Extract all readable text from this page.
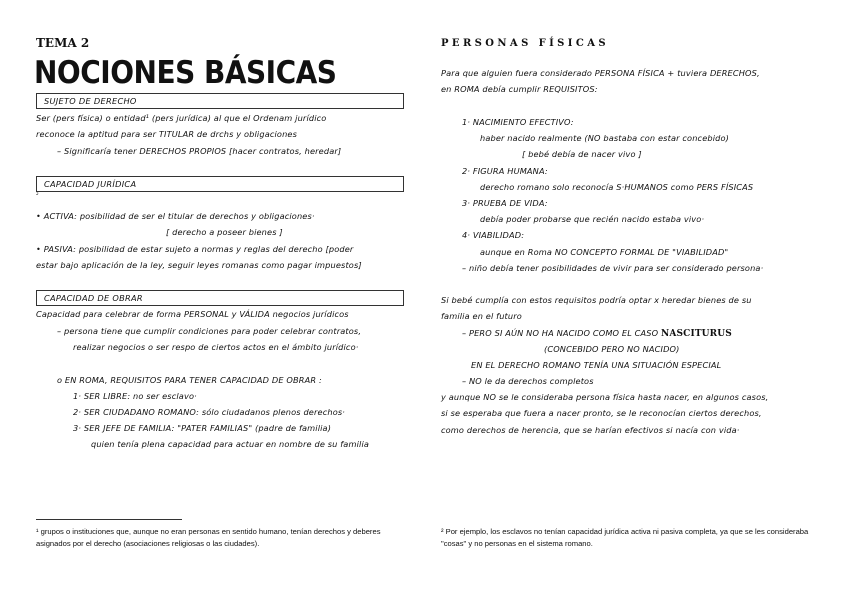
TEMA 2
NOCIONES BÁSICAS
SUJETO DE DERECHO
Ser (pers física) o entidad¹ (pers jurídica) al que el Ordenam jurídico
reconoce la aptitud para ser TITULAR de drchs y obligaciones
– Significaría tener DERECHOS PROPIOS [hacer contratos, heredar]
CAPACIDAD JURÍDICA
²
• ACTIVA: posibilidad de ser el titular de derechos y obligaciones·
[ derecho a poseer bienes ]
• PASIVA: posibilidad de estar sujeto a normas y reglas del derecho [poder
estar bajo aplicación de la ley, seguir leyes romanas como pagar impuestos]
CAPACIDAD DE OBRAR
Capacidad para celebrar de forma PERSONAL y VÁLIDA negocios jurídicos
– persona tiene que cumplir condiciones para poder celebrar contratos,
realizar negocios o ser respo de ciertos actos en el ámbito jurídico·
o EN ROMA, REQUISITOS PARA TENER CAPACIDAD DE OBRAR :
1· SER LIBRE: no ser esclavo·
2· SER CIUDADANO ROMANO: sólo ciudadanos plenos derechos·
3· SER JEFE DE FAMILIA: "PATER FAMILIAS" (padre de familia)
quien tenía plena capacidad para actuar en nombre de su familia
¹ grupos o instituciones que, aunque no eran personas en sentido humano, tenían derechos y deberes asignados por el derecho (asociaciones religiosas o las ciudades).
PERSONAS FÍSICAS
Para que alguien fuera considerado PERSONA FÍSICA + tuviera DERECHOS,
en ROMA debía cumplir REQUISITOS:
1· NACIMIENTO EFECTIVO:
haber nacido realmente (NO bastaba con estar concebido)
[ bebé debía de nacer vivo ]
2· FIGURA HUMANA:
derecho romano solo reconocía S·HUMANOS como PERS FÍSICAS
3· PRUEBA DE VIDA:
debía poder probarse que recién nacido estaba vivo·
4· VIABILIDAD:
aunque en Roma NO CONCEPTO FORMAL DE "VIABILIDAD"
– niño debía tener posibilidades de vivir para ser considerado persona·
Si bebé cumplía con estos requisitos podría optar x heredar bienes de su
familia en el futuro
– PERO SI AÚN NO HA NACIDO COMO EL CASO NASCITURUS
(CONCEBIDO PERO NO NACIDO)
EN EL DERECHO ROMANO TENÍA UNA SITUACIÓN ESPECIAL
– NO le da derechos completos
y aunque NO se le consideraba persona física hasta nacer, en algunos casos,
si se esperaba que fuera a nacer pronto, se le reconocían ciertos derechos,
como derechos de herencia, que se harían efectivos si nacía con vida·
² Por ejemplo, los esclavos no tenían capacidad jurídica activa ni pasiva completa, ya que se les consideraba "cosas" y no personas en el sistema romano.
